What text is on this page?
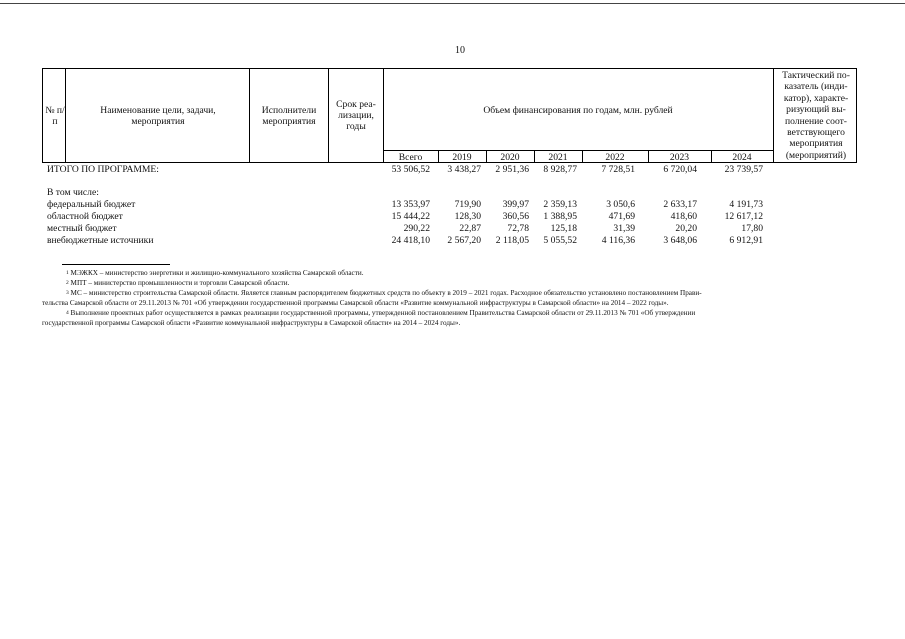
10
№ п/п
Наименование цели, задачи, мероприятия
Исполнители мероприятия
Срок реа-лизации, годы
Объем финансирования по годам, млн. рублей
Тактический по-казатель (инди-катор), характе-ризующий вы-полнение соот-ветствующего мероприятия (мероприятий)
Всего	2019	2020	2021	2022	2023	2024
ИТОГО ПО ПРОГРАММЕ:	53 506,52	3 438,27	2 951,36	8 928,77	7 728,51	6 720,04	23 739,57
В том числе:
федеральный бюджет	13 353,97	719,90	399,97	2 359,13	3 050,6	2 633,17	4 191,73
областной бюджет	15 444,22	128,30	360,56	1 388,95	471,69	418,60	12 617,12
местный бюджет	290,22	22,87	72,78	125,18	31,39	20,20	17,80
внебюджетные источники	24 418,10	2 567,20	2 118,05	5 055,52	4 116,36	3 648,06	6 912,91
$^1$ МЭЖКХ – министерство энергетики и жилищно-коммунального хозяйства Самарской области.
$^2$ МПТ – министерство промышленности и торговли Самарской области.
$^3$ МС – министерство строительства Самарской области. Является главным распорядителем бюджетных средств по объекту в 2019 – 2021 годах. Расходное обязательство установлено постановлением Прави-
тельства Самарской области от 29.11.2013 № 701 «Об утверждении государственной программы Самарской области «Развитие коммунальной инфраструктуры в Самарской области» на 2014 – 2022 годы».
$^4$ Выполнение проектных работ осуществляется в рамках реализации государственной программы, утвержденной постановлением Правительства Самарской области от 29.11.2013 № 701 «Об утверждении
государственной программы Самарской области «Развитие коммунальной инфраструктуры в Самарской области» на 2014 – 2024 годы».
